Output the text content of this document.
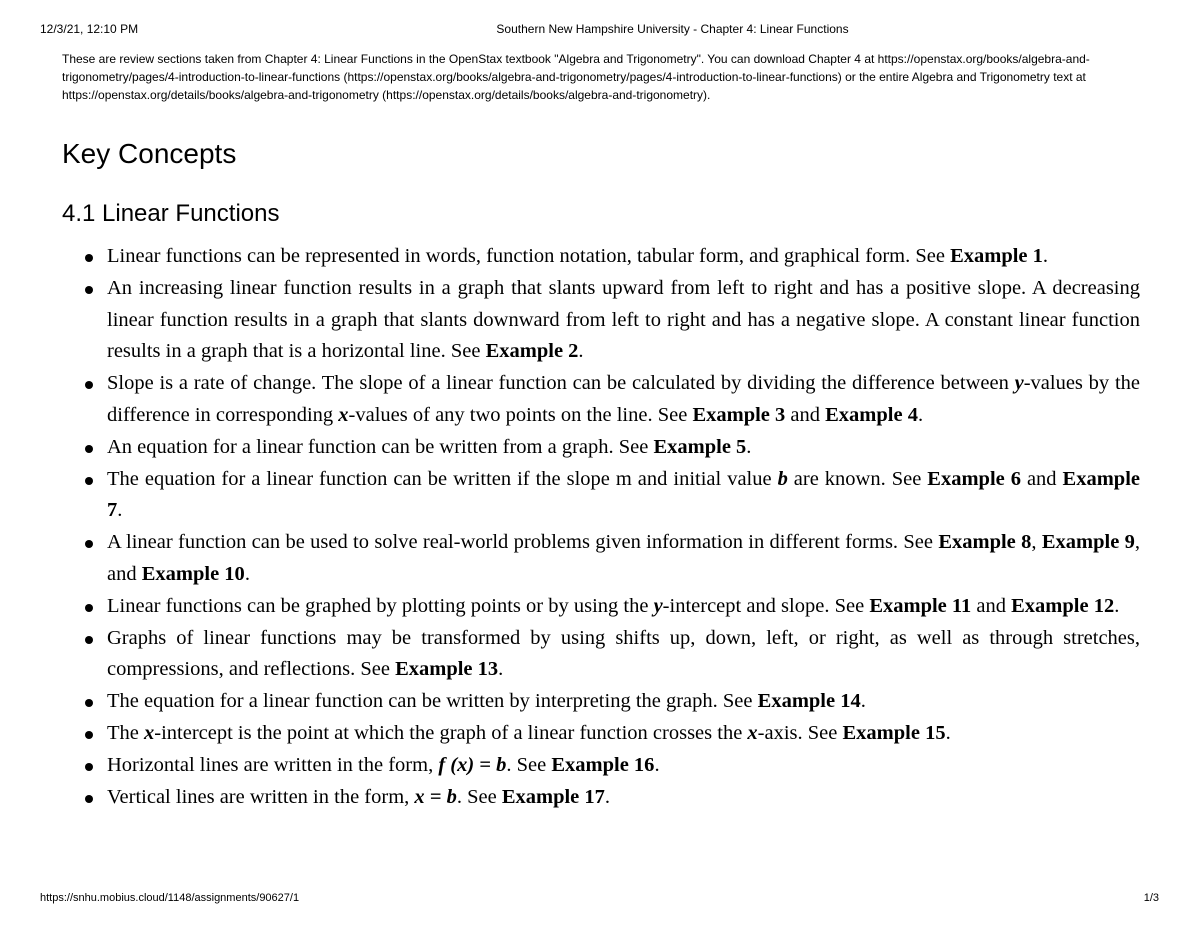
12/3/21, 12:10 PM	Southern New Hampshire University - Chapter 4: Linear Functions
These are review sections taken from Chapter 4: Linear Functions in the OpenStax textbook "Algebra and Trigonometry". You can download Chapter 4 at https://openstax.org/books/algebra-and-trigonometry/pages/4-introduction-to-linear-functions (https://openstax.org/books/algebra-and-trigonometry/pages/4-introduction-to-linear-functions) or the entire Algebra and Trigonometry text at https://openstax.org/details/books/algebra-and-trigonometry (https://openstax.org/details/books/algebra-and-trigonometry).
Key Concepts
4.1 Linear Functions
Linear functions can be represented in words, function notation, tabular form, and graphical form. See Example 1.
An increasing linear function results in a graph that slants upward from left to right and has a positive slope. A decreasing linear function results in a graph that slants downward from left to right and has a negative slope. A constant linear function results in a graph that is a horizontal line. See Example 2.
Slope is a rate of change. The slope of a linear function can be calculated by dividing the difference between y-values by the difference in corresponding x-values of any two points on the line. See Example 3 and Example 4.
An equation for a linear function can be written from a graph. See Example 5.
The equation for a linear function can be written if the slope m and initial value b are known. See Example 6 and Example 7.
A linear function can be used to solve real-world problems given information in different forms. See Example 8, Example 9, and Example 10.
Linear functions can be graphed by plotting points or by using the y-intercept and slope. See Example 11 and Example 12.
Graphs of linear functions may be transformed by using shifts up, down, left, or right, as well as through stretches, compressions, and reflections. See Example 13.
The equation for a linear function can be written by interpreting the graph. See Example 14.
The x-intercept is the point at which the graph of a linear function crosses the x-axis. See Example 15.
Horizontal lines are written in the form, f (x) = b. See Example 16.
Vertical lines are written in the form, x = b. See Example 17.
https://snhu.mobius.cloud/1148/assignments/90627/1	1/3
